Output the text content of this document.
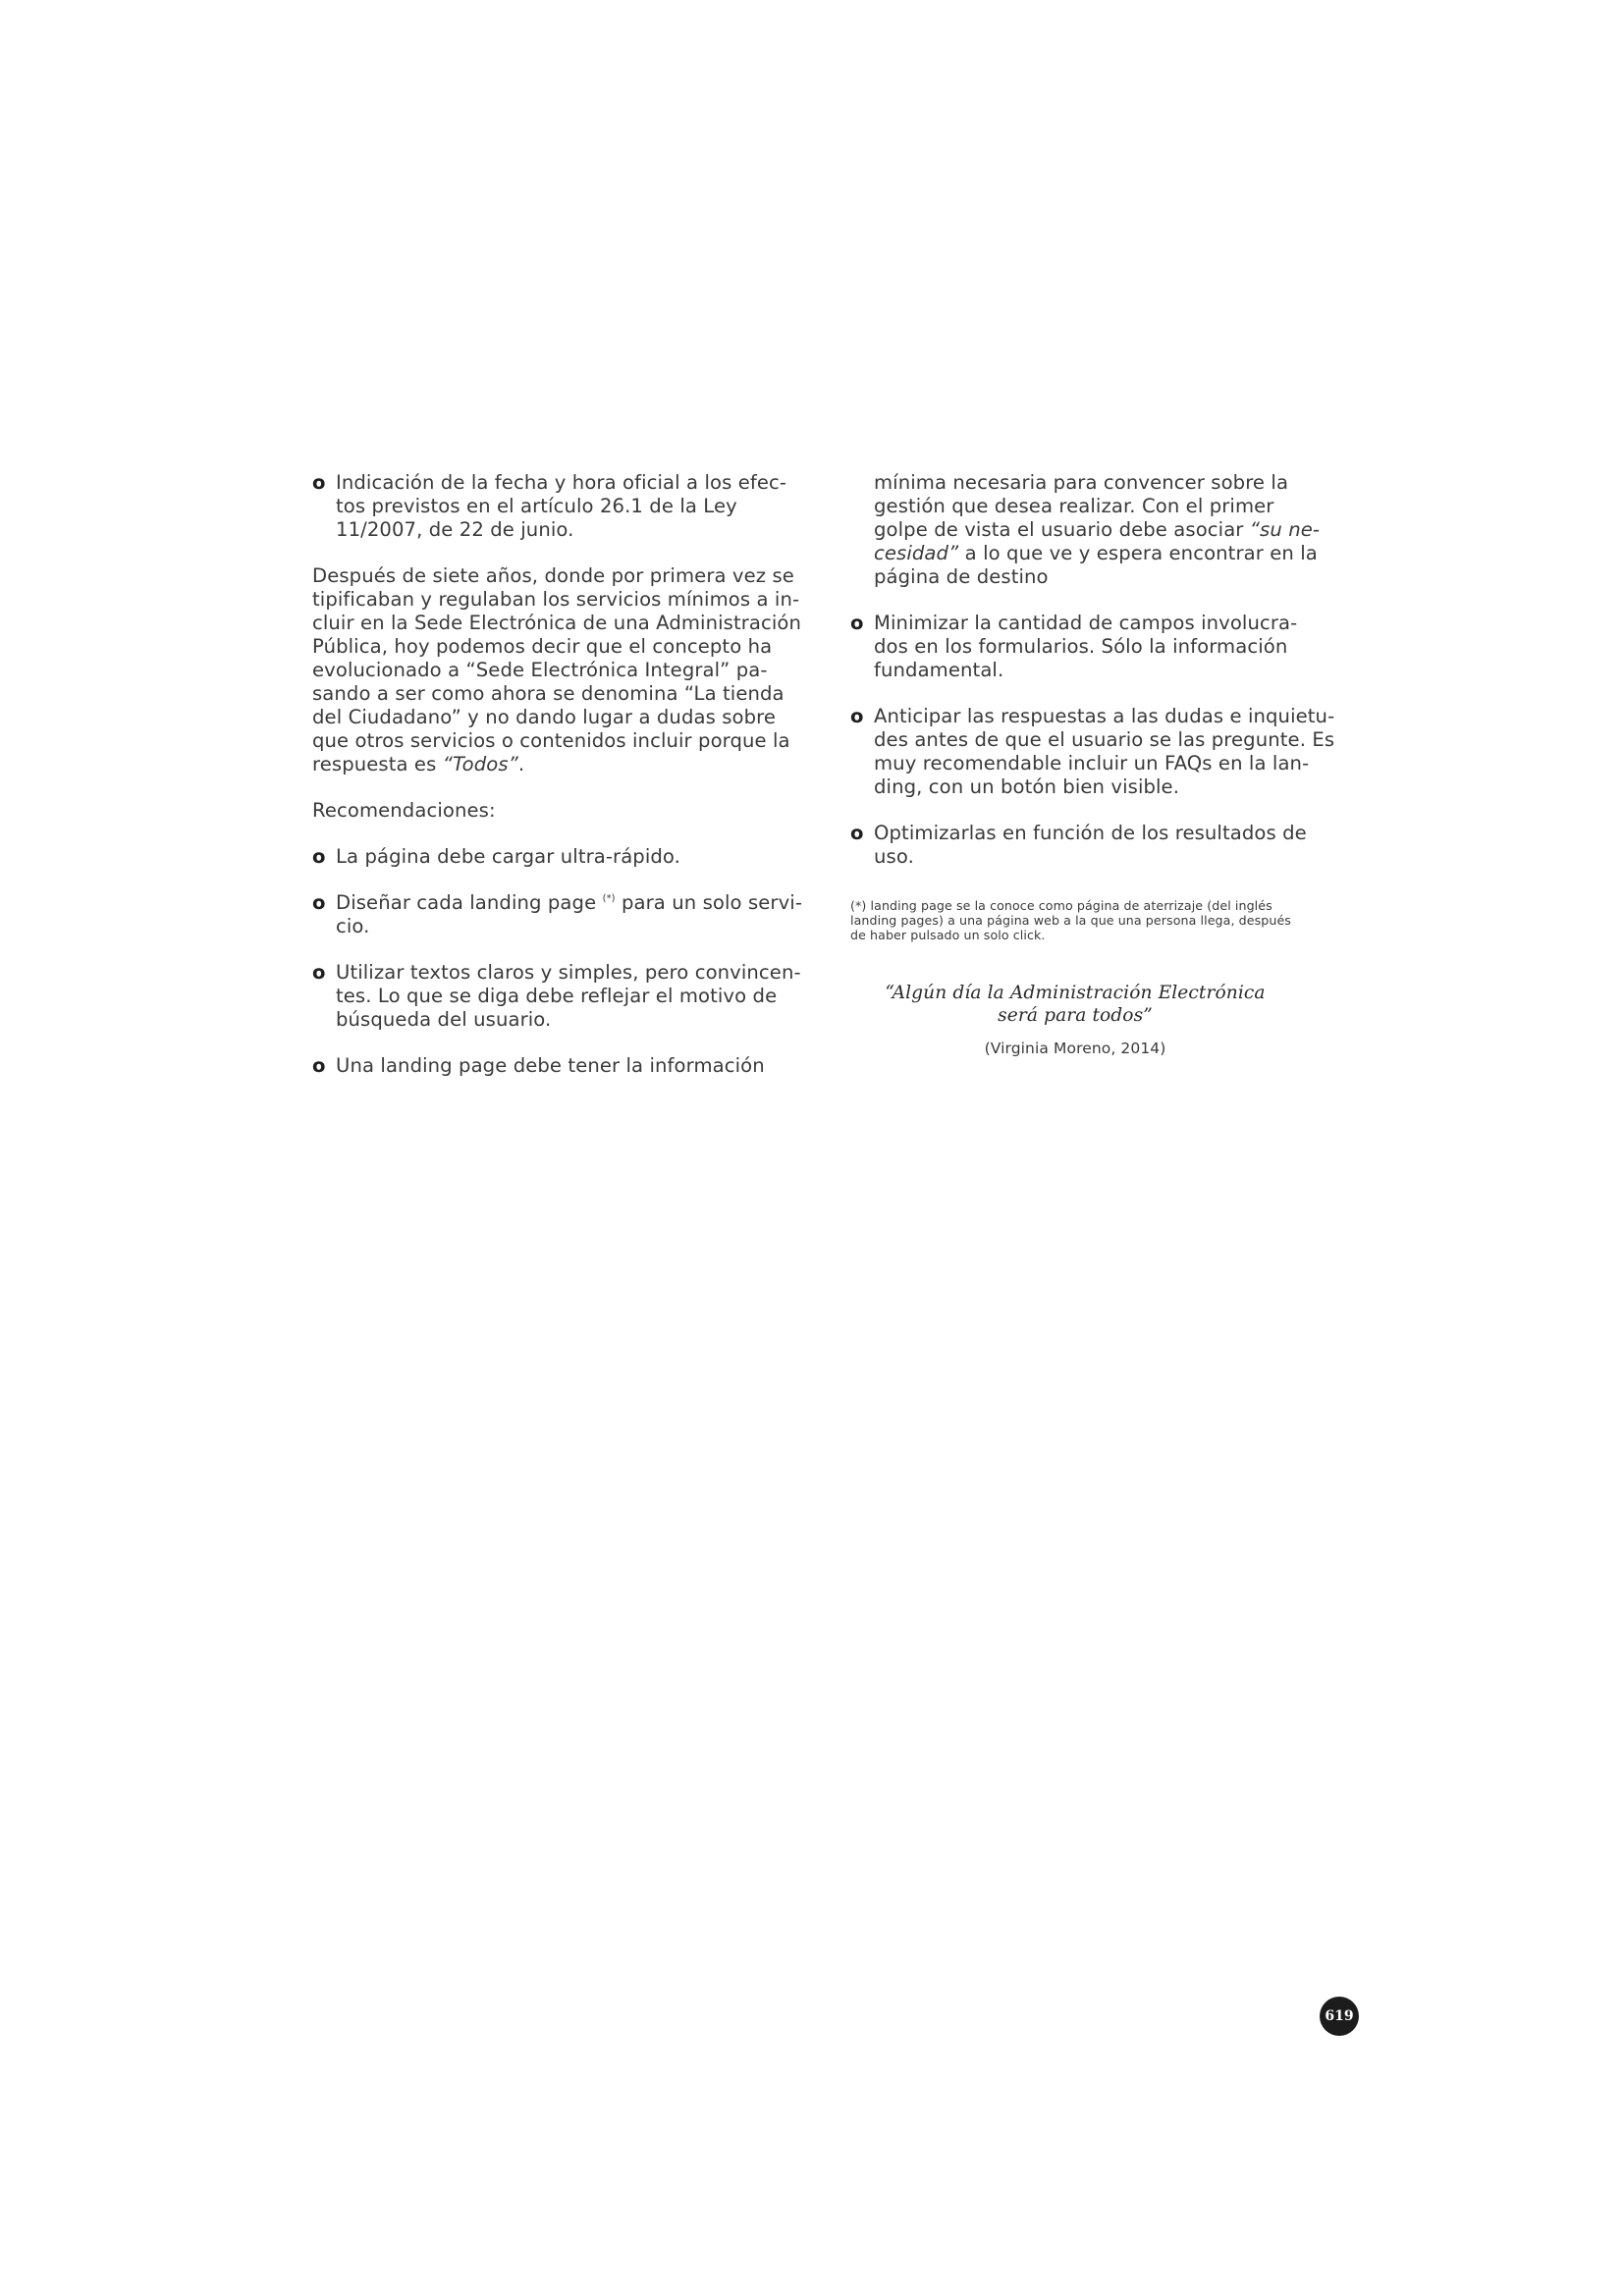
o Indicación de la fecha y hora oficial a los efec-
tos previstos en el artículo 26.1 de la Ley
11/2007, de 22 de junio.
Después de siete años, donde por primera vez se
tipificaban y regulaban los servicios mínimos a in-
cluir en la Sede Electrónica de una Administración
Pública, hoy podemos decir que el concepto ha
evolucionado a “Sede Electrónica Integral” pa-
sando a ser como ahora se denomina “La tienda
del Ciudadano” y no dando lugar a dudas sobre
que otros servicios o contenidos incluir porque la
respuesta es “Todos”.
Recomendaciones:
o La página debe cargar ultra-rápido.
o Diseñar cada landing page (*) para un solo servi-
cio.
o Utilizar textos claros y simples, pero convincen-
tes. Lo que se diga debe reflejar el motivo de
búsqueda del usuario.
o Una landing page debe tener la información
mínima necesaria para convencer sobre la
gestión que desea realizar. Con el primer
golpe de vista el usuario debe asociar “su ne-
cesidad” a lo que ve y espera encontrar en la
página de destino
o Minimizar la cantidad de campos involucra-
dos en los formularios. Sólo la información
fundamental.
o Anticipar las respuestas a las dudas e inquietu-
des antes de que el usuario se las pregunte. Es
muy recomendable incluir un FAQs en la lan-
ding, con un botón bien visible.
o Optimizarlas en función de los resultados de
uso.
(*) landing page se la conoce como página de aterrizaje (del inglés
landing pages) a una página web a la que una persona llega, después
de haber pulsado un solo click.
“Algún día la Administración Electrónica
será para todos”
(Virginia Moreno, 2014)
619
